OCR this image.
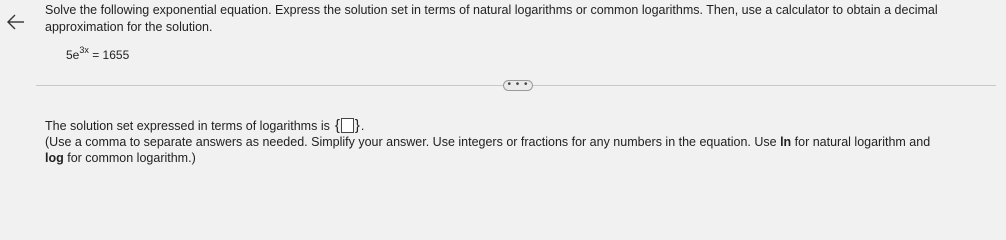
Solve the following exponential equation. Express the solution set in terms of natural logarithms or common logarithms. Then, use a calculator to obtain a decimal approximation for the solution.
$5e^{3x} = 1655$
• • •
The solution set expressed in terms of logarithms is { } .
(Use a comma to separate answers as needed. Simplify your answer. Use integers or fractions for any numbers in the equation. Use ln for natural logarithm and log for common logarithm.)
